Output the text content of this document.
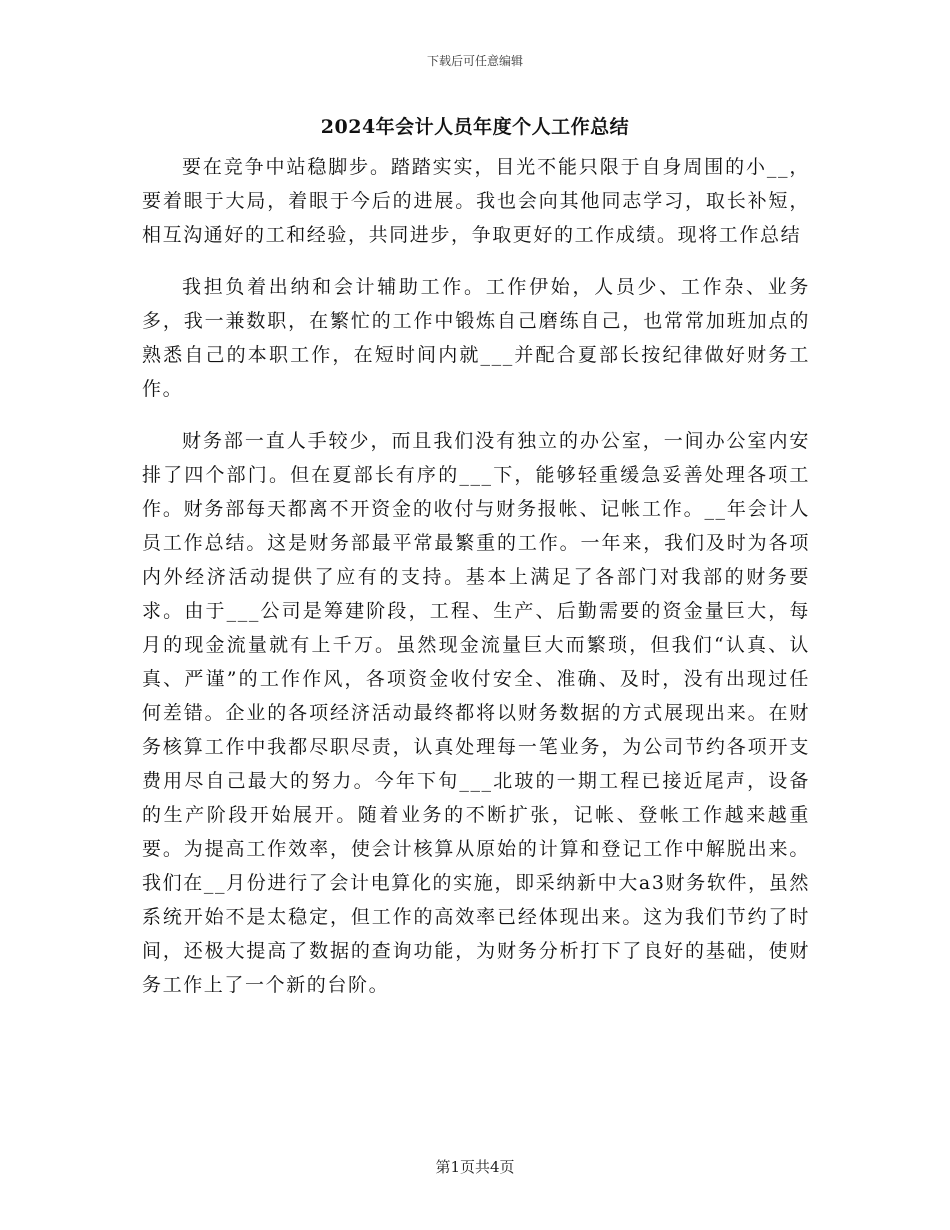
下载后可任意编辑
2024年会计人员年度个人工作总结

要在竞争中站稳脚步。踏踏实实，目光不能只限于自身周围的小__，要着眼于大局，着眼于今后的进展。我也会向其他同志学习，取长补短，相互沟通好的工和经验，共同进步，争取更好的工作成绩。现将工作总结

我担负着出纳和会计辅助工作。工作伊始，人员少、工作杂、业务多，我一兼数职，在繁忙的工作中锻炼自己磨练自己，也常常加班加点的熟悉自己的本职工作，在短时间内就___并配合夏部长按纪律做好财务工作。

财务部一直人手较少，而且我们没有独立的办公室，一间办公室内安排了四个部门。但在夏部长有序的___下，能够轻重缓急妥善处理各项工作。财务部每天都离不开资金的收付与财务报帐、记帐工作。__年会计人员工作总结。这是财务部最平常最繁重的工作。一年来，我们及时为各项内外经济活动提供了应有的支持。基本上满足了各部门对我部的财务要求。由于___公司是筹建阶段，工程、生产、后勤需要的资金量巨大，每月的现金流量就有上千万。虽然现金流量巨大而繁琐，但我们“认真、认真、严谨”的工作作风，各项资金收付安全、准确、及时，没有出现过任何差错。企业的各项经济活动最终都将以财务数据的方式展现出来。在财务核算工作中我都尽职尽责，认真处理每一笔业务，为公司节约各项开支费用尽自己最大的努力。今年下旬___北玻的一期工程已接近尾声，设备的生产阶段开始展开。随着业务的不断扩张，记帐、登帐工作越来越重要。为提高工作效率，使会计核算从原始的计算和登记工作中解脱出来。我们在__月份进行了会计电算化的实施，即采纳新中大a3财务软件，虽然系统开始不是太稳定，但工作的高效率已经体现出来。这为我们节约了时间，还极大提高了数据的查询功能，为财务分析打下了良好的基础，使财务工作上了一个新的台阶。

第1页共4页
